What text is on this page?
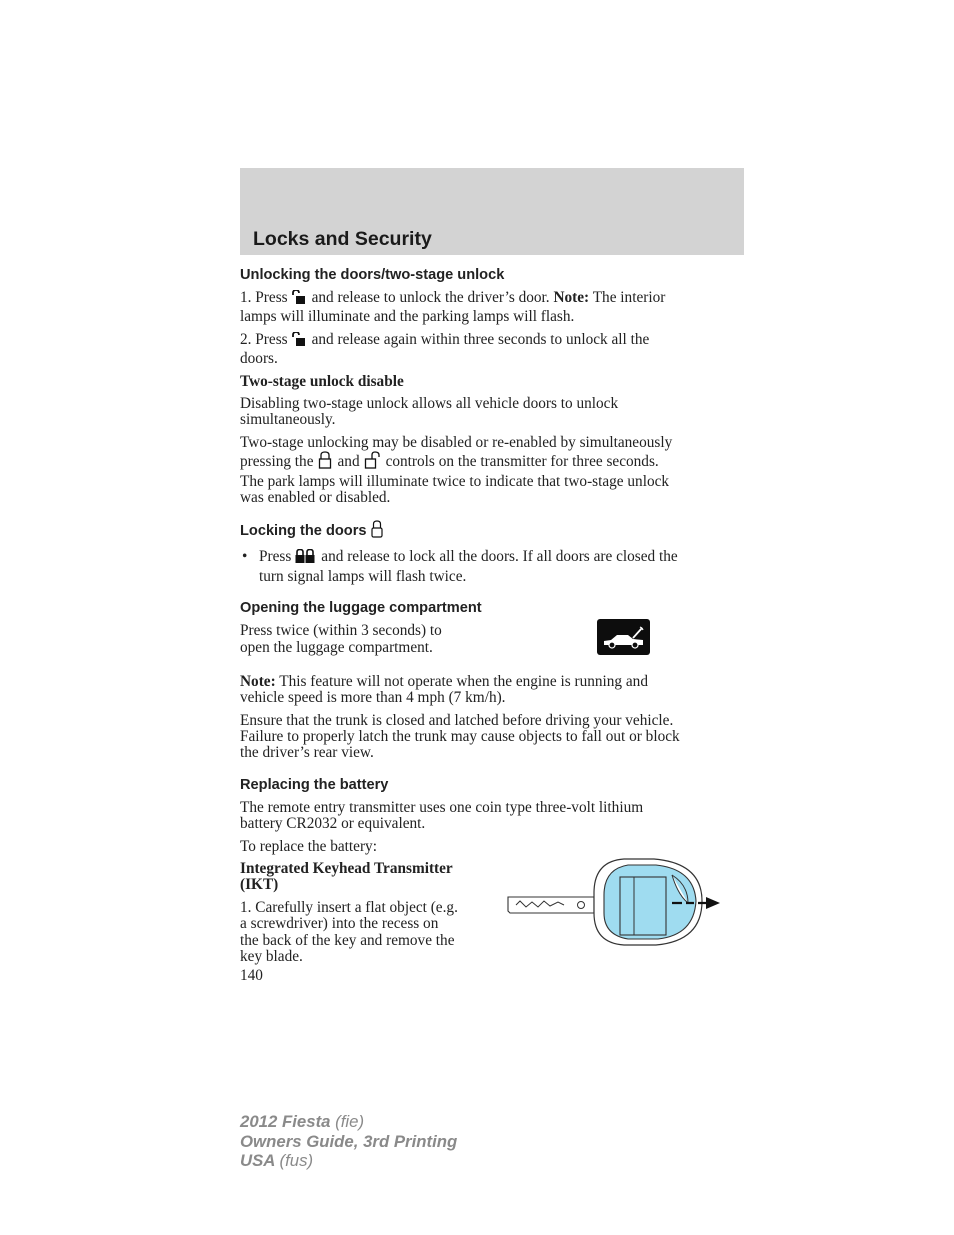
Locks and Security
Unlocking the doors/two-stage unlock
1. Press and release to unlock the driver’s door. Note: The interior
lamps will illuminate and the parking lamps will flash.
2. Press and release again within three seconds to unlock all the
doors.
Two-stage unlock disable
Disabling two-stage unlock allows all vehicle doors to unlock
simultaneously.
Two-stage unlocking may be disabled or re-enabled by simultaneously
pressing the and controls on the transmitter for three seconds.
The park lamps will illuminate twice to indicate that two-stage unlock
was enabled or disabled.
Locking the doors
• Press and release to lock all the doors. If all doors are closed the
turn signal lamps will flash twice.
Opening the luggage compartment
Press twice (within 3 seconds) to
open the luggage compartment.
Note: This feature will not operate when the engine is running and
vehicle speed is more than 4 mph (7 km/h).
Ensure that the trunk is closed and latched before driving your vehicle.
Failure to properly latch the trunk may cause objects to fall out or block
the driver’s rear view.
Replacing the battery
The remote entry transmitter uses one coin type three-volt lithium
battery CR2032 or equivalent.
To replace the battery:
Integrated Keyhead Transmitter
(IKT)
1. Carefully insert a flat object (e.g.
a screwdriver) into the recess on
the back of the key and remove the
key blade.
140
2012 Fiesta (fie)
Owners Guide, 3rd Printing
USA (fus)
